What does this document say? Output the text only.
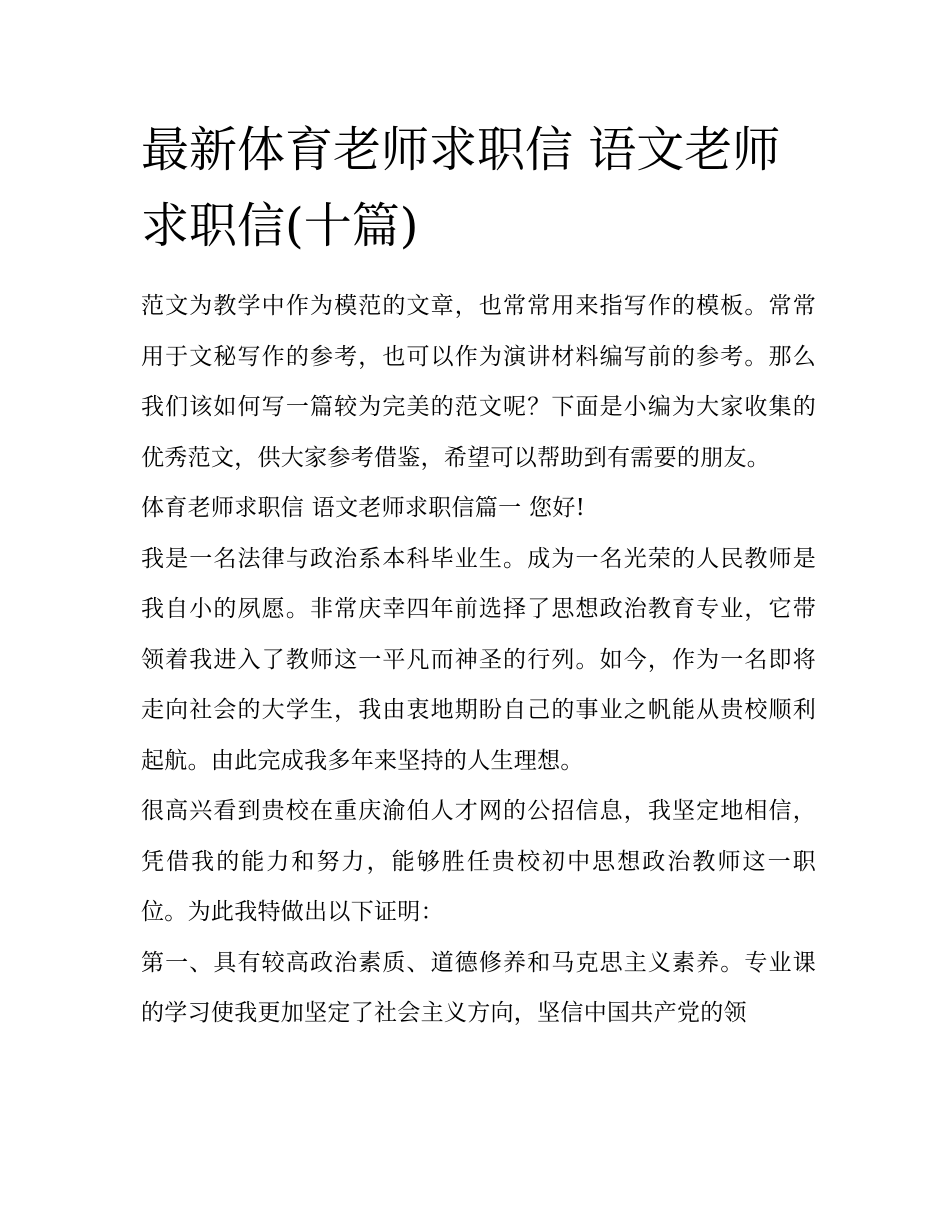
最新体育老师求职信 语文老师求职信(十篇)

范文为教学中作为模范的文章，也常常用来指写作的模板。常常用于文秘写作的参考，也可以作为演讲材料编写前的参考。那么我们该如何写一篇较为完美的范文呢？下面是小编为大家收集的优秀范文，供大家参考借鉴，希望可以帮助到有需要的朋友。

体育老师求职信 语文老师求职信篇一 您好!

我是一名法律与政治系本科毕业生。成为一名光荣的人民教师是我自小的夙愿。非常庆幸四年前选择了思想政治教育专业，它带领着我进入了教师这一平凡而神圣的行列。如今，作为一名即将走向社会的大学生，我由衷地期盼自己的事业之帆能从贵校顺利起航。由此完成我多年来坚持的人生理想。

很高兴看到贵校在重庆渝伯人才网的公招信息，我坚定地相信，凭借我的能力和努力，能够胜任贵校初中思想政治教师这一职位。为此我特做出以下证明：

第一、具有较高政治素质、道德修养和马克思主义素养。专业课的学习使我更加坚定了社会主义方向，坚信中国共产党的领
